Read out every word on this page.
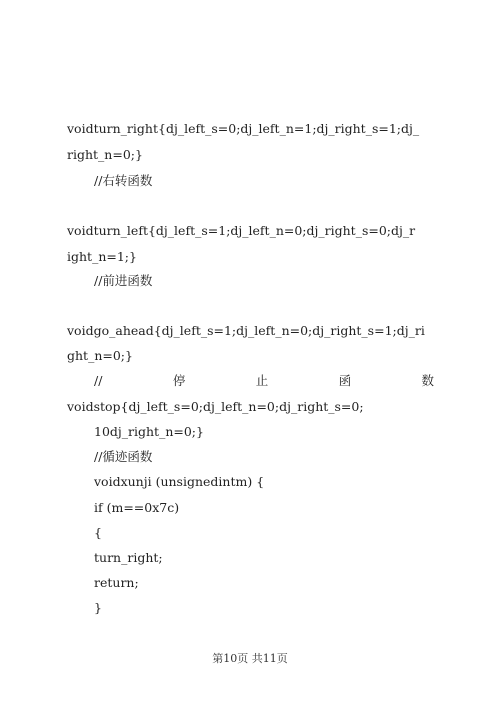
voidturn_right{dj_left_s=0;dj_left_n=1;dj_right_s=1;dj_
right_n=0;}
//右转函数
voidturn_left{dj_left_s=1;dj_left_n=0;dj_right_s=0;dj_r
ight_n=1;}
//前进函数
voidgo_ahead{dj_left_s=1;dj_left_n=0;dj_right_s=1;dj_ri
ght_n=0;}
//	停	止	函	数
voidstop{dj_left_s=0;dj_left_n=0;dj_right_s=0;
10dj_right_n=0;}
//循迹函数
voidxunji (unsignedintm) {
if (m==0x7c)
{
turn_right;
return;
}
第10页 共11页
